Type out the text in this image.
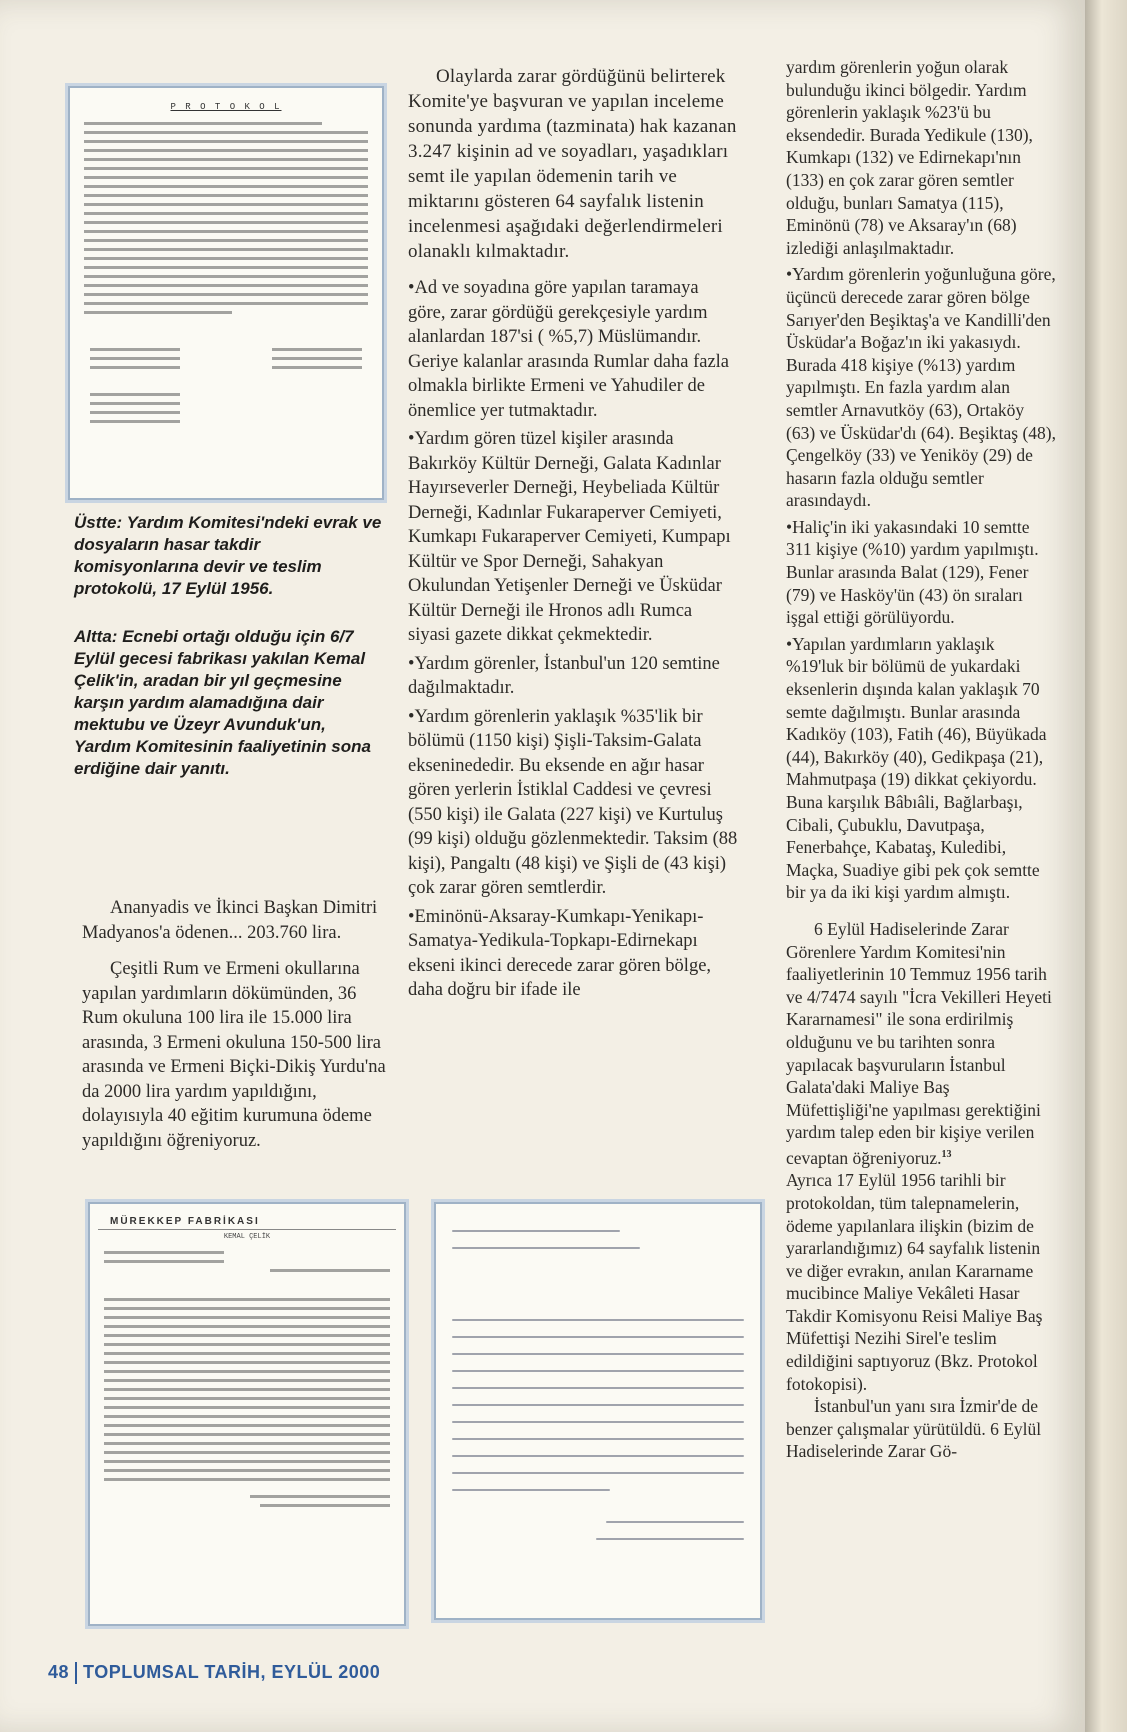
P R O T O K O L
Üstte: Yardım Komitesi'ndeki evrak ve dosyaların hasar takdir komisyonlarına devir ve teslim protokolü, 17 Eylül 1956.
Altta: Ecnebi ortağı olduğu için 6/7 Eylül gecesi fabrikası yakılan Kemal Çelik'in, aradan bir yıl geçmesine karşın yardım alamadığına dair mektubu ve Üzeyr Avunduk'un, Yardım Komitesinin faaliyetinin sona erdiğine dair yanıtı.

Ananyadis ve İkinci Başkan Dimitri Madyanos'a ödenen... 203.760 lira.

Çeşitli Rum ve Ermeni okullarına yapılan yardımların dökümünden, 36 Rum okuluna 100 lira ile 15.000 lira arasında, 3 Ermeni okuluna 150-500 lira arasında ve Ermeni Biçki-Dikiş Yurdu'na da 2000 lira yardım yapıldığını, dolayısıyla 40 eğitim kurumuna ödeme yapıldığını öğreniyoruz.

MÜREKKEP FABRİKASI
KEMAL ÇELİK

Olaylarda zarar gördüğünü belirterek Komite'ye başvuran ve yapılan inceleme sonunda yardıma (tazminata) hak kazanan 3.247 kişinin ad ve soyadları, yaşadıkları semt ile yapılan ödemenin tarih ve miktarını gösteren 64 sayfalık listenin incelenmesi aşağıdaki değerlendirmeleri olanaklı kılmaktadır.

• Ad ve soyadına göre yapılan taramaya göre, zarar gördüğü gerekçesiyle yardım alanlardan 187'si ( %5,7) Müslümandır. Geriye kalanlar arasında Rumlar daha fazla olmakla birlikte Ermeni ve Yahudiler de önemlice yer tutmaktadır.

• Yardım gören tüzel kişiler arasında Bakırköy Kültür Derneği, Galata Kadınlar Hayırseverler Derneği, Heybeliada Kültür Derneği, Kadınlar Fukaraperver Cemiyeti, Kumkapı Fukaraperver Cemiyeti, Kumpapı Kültür ve Spor Derneği, Sahakyan Okulundan Yetişenler Derneği ve Üsküdar Kültür Derneği ile Hronos adlı Rumca siyasi gazete dikkat çekmektedir.

• Yardım görenler, İstanbul'un 120 semtine dağılmaktadır.

• Yardım görenlerin yaklaşık %35'lik bir bölümü (1150 kişi) Şişli-Taksim-Galata ekseninededir. Bu eksende en ağır hasar gören yerlerin İstiklal Caddesi ve çevresi (550 kişi) ile Galata (227 kişi) ve Kurtuluş (99 kişi) olduğu gözlenmektedir. Taksim (88 kişi), Pangaltı (48 kişi) ve Şişli de (43 kişi) çok zarar gören semtlerdir.

• Eminönü-Aksaray-Kumkapı-Yenikapı-Samatya-Yedikula-Topkapı-Edirnekapı ekseni ikinci derecede zarar gören bölge, daha doğru bir ifade ile

yardım görenlerin yoğun olarak bulunduğu ikinci bölgedir. Yardım görenlerin yaklaşık %23'ü bu eksendedir. Burada Yedikule (130), Kumkapı (132) ve Edirnekapı'nın (133) en çok zarar gören semtler olduğu, bunları Samatya (115), Eminönü (78) ve Aksaray'ın (68) izlediği anlaşılmaktadır.

• Yardım görenlerin yoğunluğuna göre, üçüncü derecede zarar gören bölge Sarıyer'den Beşiktaş'a ve Kandilli'den Üsküdar'a Boğaz'ın iki yakasıydı. Burada 418 kişiye (%13) yardım yapılmıştı. En fazla yardım alan semtler Arnavutköy (63), Ortaköy (63) ve Üsküdar'dı (64). Beşiktaş (48), Çengelköy (33) ve Yeniköy (29) de hasarın fazla olduğu semtler arasındaydı.

• Haliç'in iki yakasındaki 10 semtte 311 kişiye (%10) yardım yapılmıştı. Bunlar arasında Balat (129), Fener (79) ve Hasköy'ün (43) ön sıraları işgal ettiği görülüyordu.

• Yapılan yardımların yaklaşık %19'luk bir bölümü de yukardaki eksenlerin dışında kalan yaklaşık 70 semte dağılmıştı. Bunlar arasında Kadıköy (103), Fatih (46), Büyükada (44), Bakırköy (40), Gedikpaşa (21), Mahmutpaşa (19) dikkat çekiyordu. Buna karşılık Bâbıâli, Bağlarbaşı, Cibali, Çubuklu, Davutpaşa, Fenerbahçe, Kabataş, Kuledibi, Maçka, Suadiye gibi pek çok semtte bir ya da iki kişi yardım almıştı.

6 Eylül Hadiselerinde Zarar Görenlere Yardım Komitesi'nin faaliyetlerinin 10 Temmuz 1956 tarih ve 4/7474 sayılı "İcra Vekilleri Heyeti Kararnamesi" ile sona erdirilmiş olduğunu ve bu tarihten sonra yapılacak başvuruların İstanbul Galata'daki Maliye Baş Müfettişliği'ne yapılması gerektiğini yardım talep eden bir kişiye verilen cevaptan öğreniyoruz.$^{13}$

Ayrıca 17 Eylül 1956 tarihli bir protokoldan, tüm talepnamelerin, ödeme yapılanlara ilişkin (bizim de yararlandığımız) 64 sayfalık listenin ve diğer evrakın, anılan Kararname mucibince Maliye Vekâleti Hasar Takdir Komisyonu Reisi Maliye Baş Müfettişi Nezihi Sirel'e teslim edildiğini saptıyoruz (Bkz. Protokol fotokopisi).

İstanbul'un yanı sıra İzmir'de de benzer çalışmalar yürütüldü. 6 Eylül Hadiselerinde Zarar Gö-

48 TOPLUMSAL TARİH, EYLÜL 2000
